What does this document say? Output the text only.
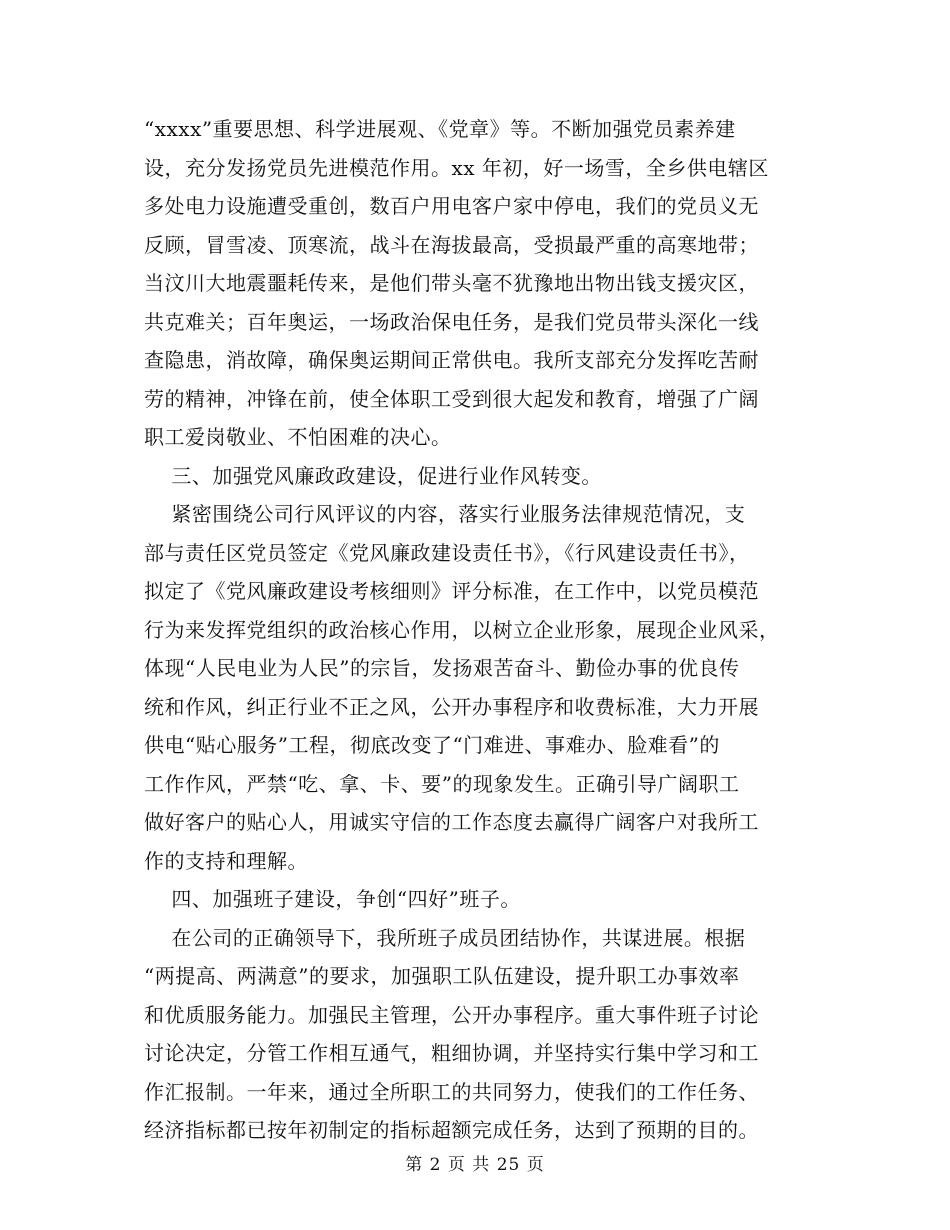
“xxxx”重要思想、科学进展观、《党章》等。不断加强党员素养建
设，充分发扬党员先进模范作用。xx 年初，好一场雪，全乡供电辖区
多处电力设施遭受重创，数百户用电客户家中停电，我们的党员义无
反顾，冒雪凌、顶寒流，战斗在海拔最高，受损最严重的高寒地带；
当汶川大地震噩耗传来，是他们带头毫不犹豫地出物出钱支援灾区，
共克难关；百年奥运，一场政治保电任务，是我们党员带头深化一线
查隐患，消故障，确保奥运期间正常供电。我所支部充分发挥吃苦耐
劳的精神，冲锋在前，使全体职工受到很大起发和教育，增强了广阔
职工爱岗敬业、不怕困难的决心。
三、加强党风廉政政建设，促进行业作风转变。
紧密围绕公司行风评议的内容，落实行业服务法律规范情况，支
部与责任区党员签定《党风廉政建设责任书》，《行风建设责任书》，
拟定了《党风廉政建设考核细则》评分标准，在工作中，以党员模范
行为来发挥党组织的政治核心作用，以树立企业形象，展现企业风采，
体现“人民电业为人民”的宗旨，发扬艰苦奋斗、勤俭办事的优良传
统和作风，纠正行业不正之风，公开办事程序和收费标准，大力开展
供电“贴心服务”工程，彻底改变了“门难进、事难办、脸难看”的
工作作风，严禁“吃、拿、卡、要”的现象发生。正确引导广阔职工
做好客户的贴心人，用诚实守信的工作态度去赢得广阔客户对我所工
作的支持和理解。
四、加强班子建设，争创“四好”班子。
在公司的正确领导下，我所班子成员团结协作，共谋进展。根据
“两提高、两满意”的要求，加强职工队伍建设，提升职工办事效率
和优质服务能力。加强民主管理，公开办事程序。重大事件班子讨论
讨论决定，分管工作相互通气，粗细协调，并坚持实行集中学习和工
作汇报制。一年来，通过全所职工的共同努力，使我们的工作任务、
经济指标都已按年初制定的指标超额完成任务，达到了预期的目的。
第 2 页 共 25 页
